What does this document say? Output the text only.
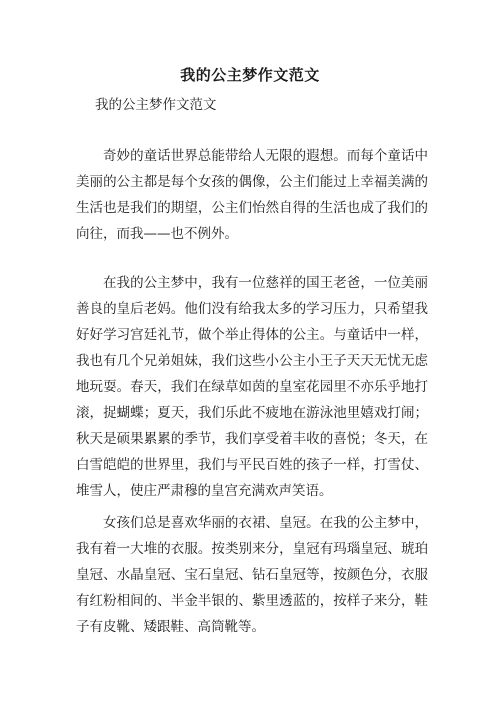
我的公主梦作文范文
我的公主梦作文范文

奇妙的童话世界总能带给人无限的遐想。而每个童话中美丽的公主都是每个女孩的偶像，公主们能过上幸福美满的生活也是我们的期望，公主们怡然自得的生活也成了我们的向往，而我——也不例外。

在我的公主梦中，我有一位慈祥的国王老爸，一位美丽善良的皇后老妈。他们没有给我太多的学习压力，只希望我好好学习宫廷礼节，做个举止得体的公主。与童话中一样，我也有几个兄弟姐妹，我们这些小公主小王子天天无忧无虑地玩耍。春天，我们在绿草如茵的皇室花园里不亦乐乎地打滚，捉蝴蝶；夏天，我们乐此不疲地在游泳池里嬉戏打闹；秋天是硕果累累的季节，我们享受着丰收的喜悦；冬天，在白雪皑皑的世界里，我们与平民百姓的孩子一样，打雪仗、堆雪人，使庄严肃穆的皇宫充满欢声笑语。

女孩们总是喜欢华丽的衣裙、皇冠。在我的公主梦中，我有着一大堆的衣服。按类别来分，皇冠有玛瑙皇冠、琥珀皇冠、水晶皇冠、宝石皇冠、钻石皇冠等，按颜色分，衣服有红粉相间的、半金半银的、紫里透蓝的，按样子来分，鞋子有皮靴、矮跟鞋、高筒靴等。
